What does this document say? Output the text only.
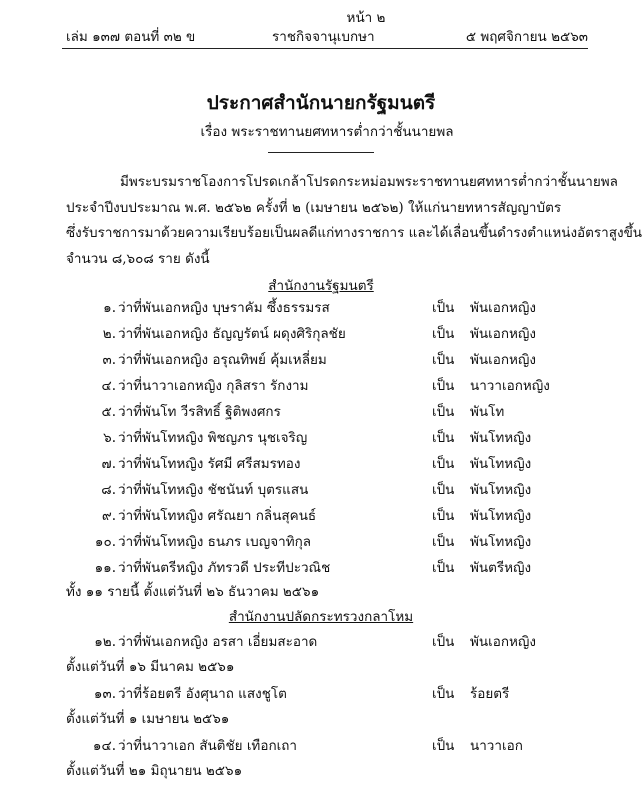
หน้า ๒
เล่ม ๑๓๗ ตอนที่ ๓๒ ข	ราชกิจจานุเบกษา	๕ พฤศจิกายน ๒๕๖๓
ประกาศสำนักนายกรัฐมนตรี
เรื่อง พระราชทานยศทหารต่ำกว่าชั้นนายพล
มีพระบรมราชโองการโปรดเกล้าโปรดกระหม่อมพระราชทานยศทหารต่ำกว่าชั้นนายพล
ประจำปีงบประมาณ พ.ศ. ๒๕๖๒ ครั้งที่ ๒ (เมษายน ๒๕๖๒) ให้แก่นายทหารสัญญาบัตร
ซึ่งรับราชการมาด้วยความเรียบร้อยเป็นผลดีแก่ทางราชการ และได้เลื่อนขึ้นดำรงตำแหน่งอัตราสูงขึ้น
จำนวน ๘,๖๐๘ ราย ดังนี้
สำนักงานรัฐมนตรี
๑. ว่าที่พันเอกหญิง บุษราคัม ซึ้งธรรมรส	เป็น พันเอกหญิง
๒. ว่าที่พันเอกหญิง ธัญญรัตน์ ผดุงศิริกุลชัย	เป็น พันเอกหญิง
๓. ว่าที่พันเอกหญิง อรุณทิพย์ คุ้มเหลี่ยม	เป็น พันเอกหญิง
๔. ว่าที่นาวาเอกหญิง กุลิสรา รักงาม	เป็น นาวาเอกหญิง
๕. ว่าที่พันโท วีรสิทธิ์ ฐิติพงศกร	เป็น พันโท
๖. ว่าที่พันโทหญิง พิชญภร นุชเจริญ	เป็น พันโทหญิง
๗. ว่าที่พันโทหญิง รัศมี ศรีสมรทอง	เป็น พันโทหญิง
๘. ว่าที่พันโทหญิง ชัชนันท์ บุตรแสน	เป็น พันโทหญิง
๙. ว่าที่พันโทหญิง ศรัณยา กลิ่นสุคนธ์	เป็น พันโทหญิง
๑๐. ว่าที่พันโทหญิง ธนภร เบญจาทิกุล	เป็น พันโทหญิง
๑๑. ว่าที่พันตรีหญิง ภัทรวดี ประทีปะวณิช	เป็น พันตรีหญิง
ทั้ง ๑๑ รายนี้ ตั้งแต่วันที่ ๒๖ ธันวาคม ๒๕๖๑
สำนักงานปลัดกระทรวงกลาโหม
๑๒. ว่าที่พันเอกหญิง อรสา เอี่ยมสะอาด	เป็น พันเอกหญิง
ตั้งแต่วันที่ ๑๖ มีนาคม ๒๕๖๑
๑๓. ว่าที่ร้อยตรี อังศุนาถ แสงชูโต	เป็น ร้อยตรี
ตั้งแต่วันที่ ๑ เมษายน ๒๕๖๑
๑๔. ว่าที่นาวาเอก สันติชัย เทือกเถา	เป็น นาวาเอก
ตั้งแต่วันที่ ๒๑ มิถุนายน ๒๕๖๑
